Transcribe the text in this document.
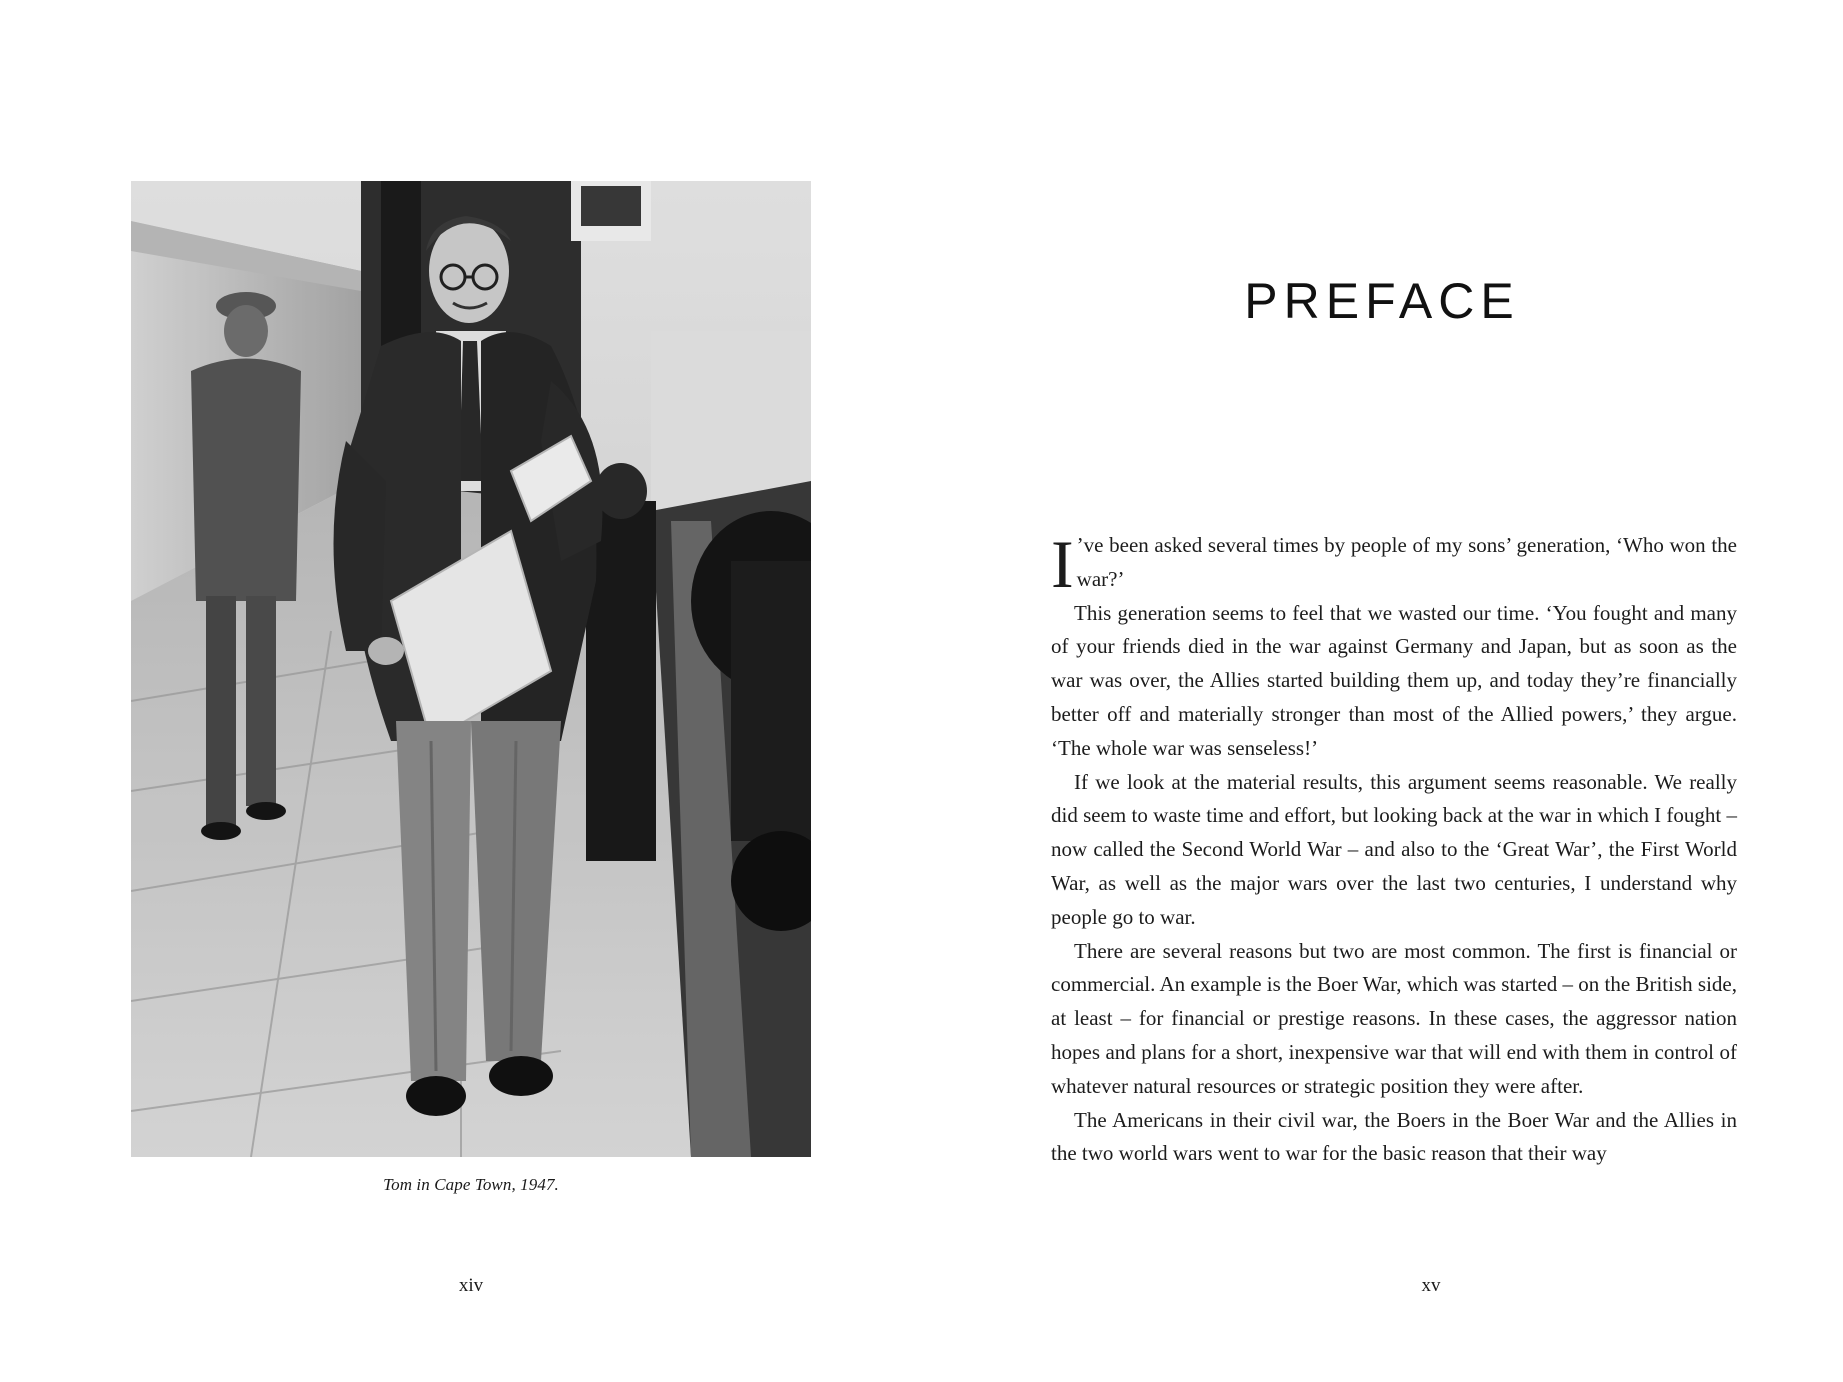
Tom in Cape Town, 1947.
xiv
PREFACE

I ’ve been asked several times by people of my sons’ generation, ‘Who won the war?’

This generation seems to feel that we wasted our time. ‘You fought and many of your friends died in the war against Germany and Japan, but as soon as the war was over, the Allies started building them up, and today they’re financially better off and materially stronger than most of the Allied powers,’ they argue. ‘The whole war was senseless!’

If we look at the material results, this argument seems reasonable. We really did seem to waste time and effort, but looking back at the war in which I fought – now called the Second World War – and also to the ‘Great War’, the First World War, as well as the major wars over the last two centuries, I understand why people go to war.

There are several reasons but two are most common. The first is financial or commercial. An example is the Boer War, which was started – on the British side, at least – for financial or prestige reasons. In these cases, the aggressor nation hopes and plans for a short, inexpensive war that will end with them in control of whatever natural resources or strategic position they were after.

The Americans in their civil war, the Boers in the Boer War and the Allies in the two world wars went to war for the basic reason that their way

xv
